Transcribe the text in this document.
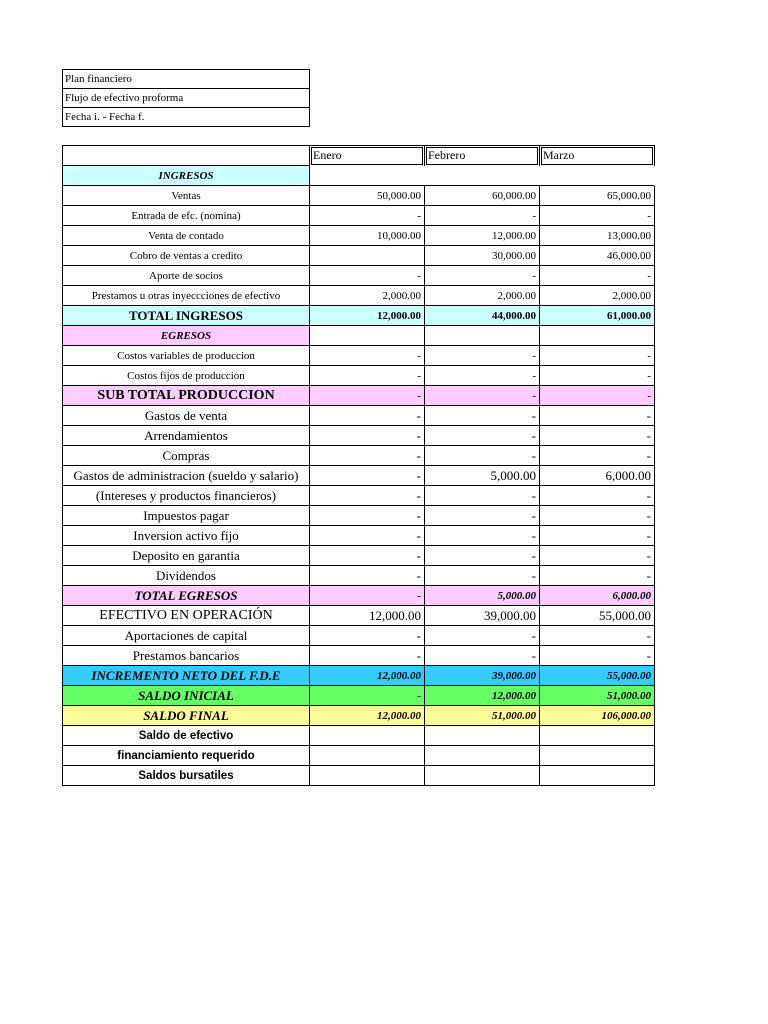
Plan financiero
Flujo de efectivo proforma
Fecha i. - Fecha f.
	Enero	Febrero	Marzo
INGRESOS			
Ventas	50,000.00	60,000.00	65,000.00
Entrada de efc. (nomina)	-	-	-
Venta de contado	10,000.00	12,000.00	13,000.00
Cobro de ventas a credito		30,000.00	46,000.00
Aporte de socios	-	-	-
Prestamos u otras inyeccciones de efectivo	2,000.00	2,000.00	2,000.00
TOTAL INGRESOS	12,000.00	44,000.00	61,000.00
EGRESOS			
Costos variables de produccion	-	-	-
Costos fijos de produccion	-	-	-
SUB TOTAL PRODUCCION	-	-	-
Gastos de venta	-	-	-
Arrendamientos	-	-	-
Compras	-	-	-
Gastos de administracion (sueldo y salario)	-	5,000.00	6,000.00
(Intereses y productos financieros)	-	-	-
Impuestos pagar	-	-	-
Inversion activo fijo	-	-	-
Deposito en garantia	-	-	-
Dividendos	-	-	-
TOTAL EGRESOS	-	5,000.00	6,000.00
EFECTIVO EN OPERACIÓN	12,000.00	39,000.00	55,000.00
Aportaciones de capital	-	-	-
Prestamos bancarios	-	-	-
INCREMENTO NETO DEL F.D.E	12,000.00	39,000.00	55,000.00
SALDO INICIAL	-	12,000.00	51,000.00
SALDO FINAL	12,000.00	51,000.00	106,000.00
Saldo de efectivo			
financiamiento requerido			
Saldos bursatiles			
